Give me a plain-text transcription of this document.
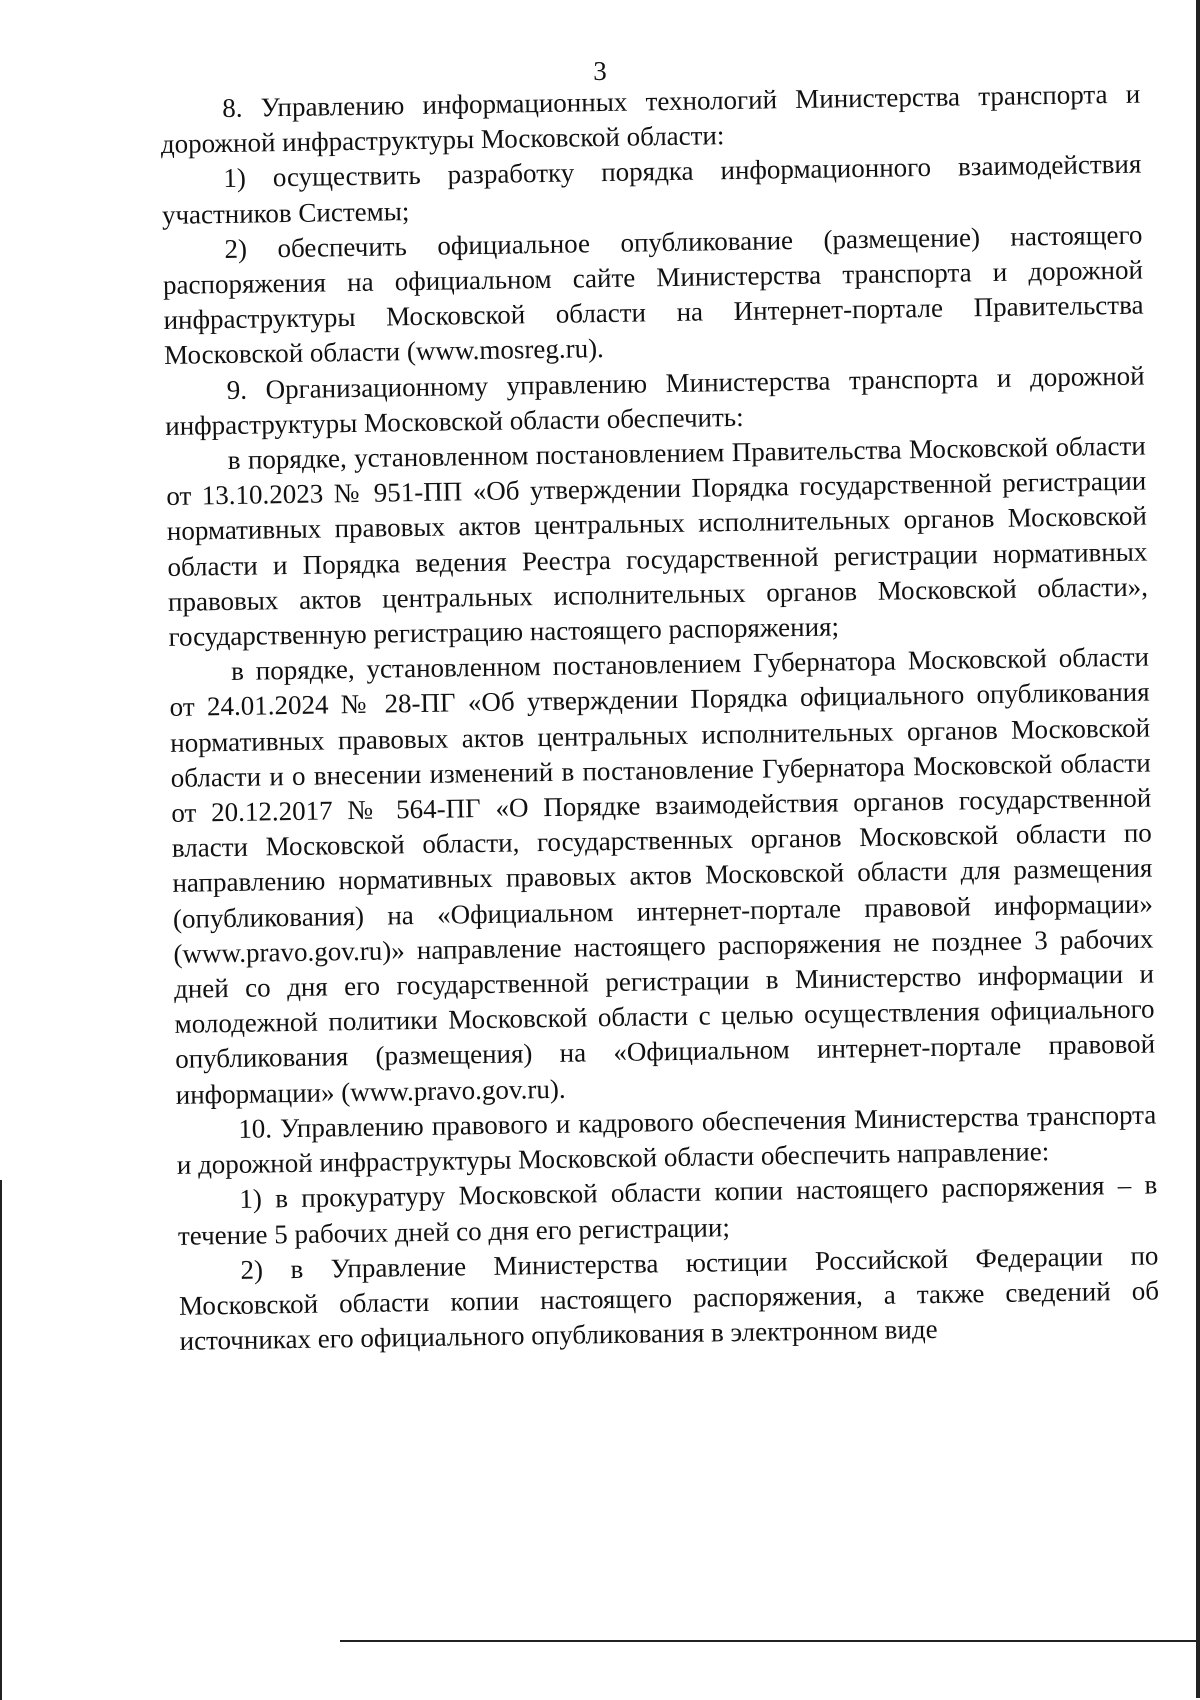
3

8. Управлению информационных технологий Министерства транспорта и дорожной инфраструктуры Московской области:

1) осуществить разработку порядка информационного взаимодействия участников Системы;

2) обеспечить официальное опубликование (размещение) настоящего распоряжения на официальном сайте Министерства транспорта и дорожной инфраструктуры Московской области на Интернет-портале Правительства Московской области (www.mosreg.ru).

9. Организационному управлению Министерства транспорта и дорожной инфраструктуры Московской области обеспечить:

в порядке, установленном постановлением Правительства Московской области от 13.10.2023 № 951-ПП «Об утверждении Порядка государственной регистрации нормативных правовых актов центральных исполнительных органов Московской области и Порядка ведения Реестра государственной регистрации нормативных правовых актов центральных исполнительных органов Московской области», государственную регистрацию настоящего распоряжения;

в порядке, установленном постановлением Губернатора Московской области от 24.01.2024 № 28-ПГ «Об утверждении Порядка официального опубликования нормативных правовых актов центральных исполнительных органов Московской области и о внесении изменений в постановление Губернатора Московской области от 20.12.2017 № 564-ПГ «О Порядке взаимодействия органов государственной власти Московской области, государственных органов Московской области по направлению нормативных правовых актов Московской области для размещения (опубликования) на «Официальном интернет-портале правовой информации» (www.pravo.gov.ru)» направление настоящего распоряжения не позднее 3 рабочих дней со дня его государственной регистрации в Министерство информации и молодежной политики Московской области с целью осуществления официального опубликования (размещения) на «Официальном интернет-портале правовой информации» (www.pravo.gov.ru).

10. Управлению правового и кадрового обеспечения Министерства транспорта и дорожной инфраструктуры Московской области обеспечить направление:

1) в прокуратуру Московской области копии настоящего распоряжения – в течение 5 рабочих дней со дня его регистрации;

2) в Управление Министерства юстиции Российской Федерации по Московской области копии настоящего распоряжения, а также сведений об источниках его официального опубликования в электронном виде
